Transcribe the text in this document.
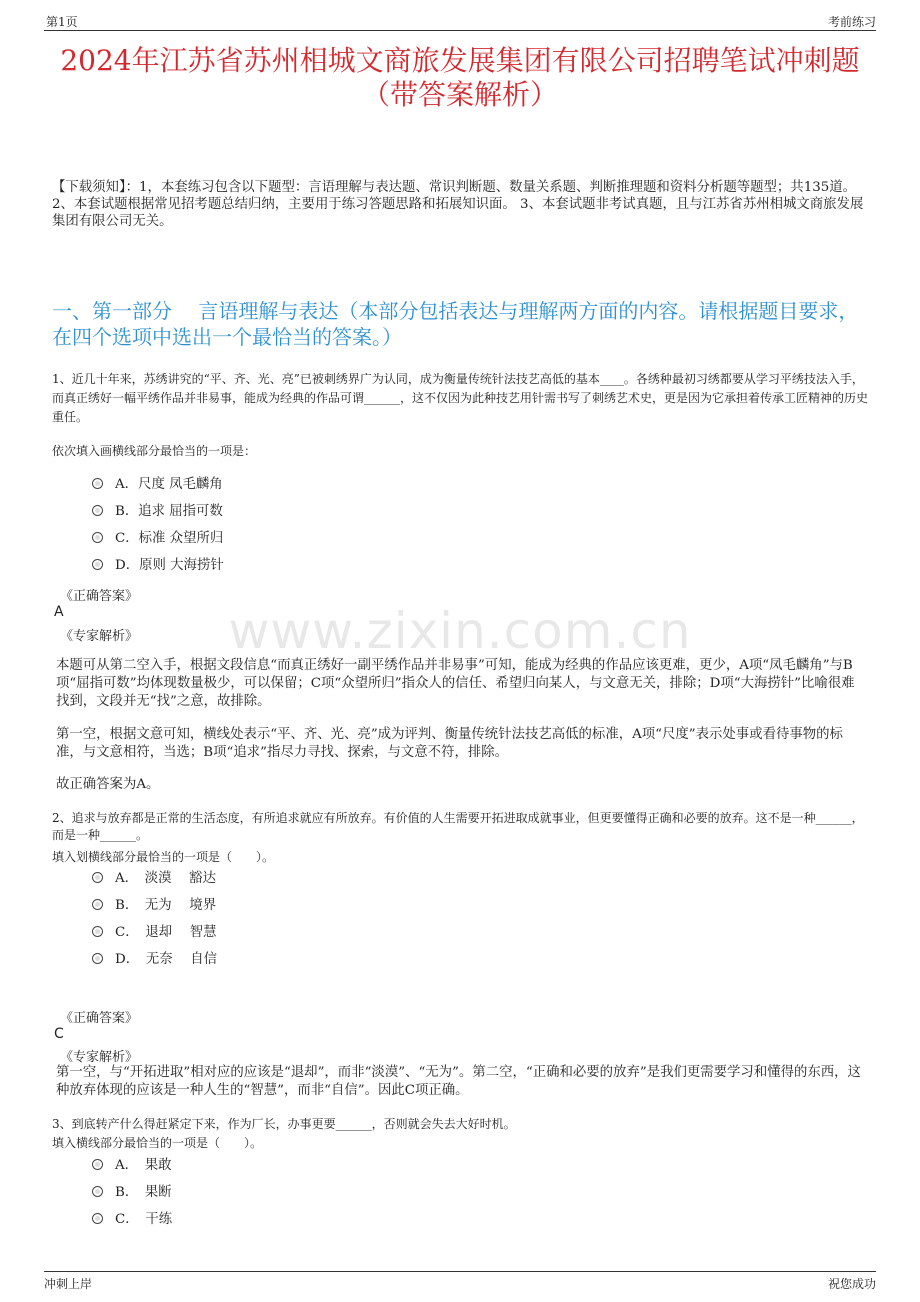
第1页	考前练习
2024年江苏省苏州相城文商旅发展集团有限公司招聘笔试冲刺题（带答案解析）
【下载须知】：1，本套练习包含以下题型：言语理解与表达题、常识判断题、数量关系题、判断推理题和资料分析题等题型；共135道。 2、本套试题根据常见招考题总结归纳，主要用于练习答题思路和拓展知识面。 3、本套试题非考试真题，且与江苏省苏州相城文商旅发展集团有限公司无关。
一、第一部分　 言语理解与表达（本部分包括表达与理解两方面的内容。请根据题目要求，在四个选项中选出一个最恰当的答案。）
1、近几十年来，苏绣讲究的“平、齐、光、亮”已被刺绣界广为认同，成为衡量传统针法技艺高低的基本____。各绣种最初习绣都要从学习平绣技法入手，而真正绣好一幅平绣作品并非易事，能成为经典的作品可谓______，这不仅因为此种技艺用针需书写了刺绣艺术史，更是因为它承担着传承工匠精神的历史重任。
依次填入画横线部分最恰当的一项是：
A．尺度 凤毛麟角
B．追求 屈指可数
C．标准 众望所归
D．原则 大海捞针
《正确答案》
A
《专家解析》
本题可从第二空入手，根据文段信息“而真正绣好一副平绣作品并非易事”可知，能成为经典的作品应该更难，更少，A项“凤毛麟角”与B项“屈指可数”均体现数量极少，可以保留；C项“众望所归”指众人的信任、希望归向某人，与文意无关，排除；D项“大海捞针”比喻很难找到，文段并无“找”之意，故排除。
第一空，根据文意可知，横线处表示“平、齐、光、亮”成为评判、衡量传统针法技艺高低的标准，A项“尺度”表示处事或看待事物的标准，与文意相符，当选；B项“追求”指尽力寻找、探索，与文意不符，排除。
故正确答案为A。
www.zixin.com.cn
2、追求与放弃都是正常的生活态度，有所追求就应有所放弃。有价值的人生需要开拓进取成就事业，但更要懂得正确和必要的放弃。这不是一种______，而是一种______。
填入划横线部分最恰当的一项是（　　）。
A．　淡漠　 豁达
B．　无为　 境界
C．　退却　 智慧
D．　无奈　 自信
《正确答案》
C
《专家解析》
第一空，与“开拓进取”相对应的应该是“退却”，而非“淡漠”、“无为”。第二空，“正确和必要的放弃”是我们更需要学习和懂得的东西，这种放弃体现的应该是一种人生的“智慧”，而非“自信”。因此C项正确。
3、到底转产什么得赶紧定下来，作为厂长，办事更要______，否则就会失去大好时机。
填入横线部分最恰当的一项是（　　）。
A．　果敢
B．　果断
C．　干练
冲刺上岸	祝您成功
